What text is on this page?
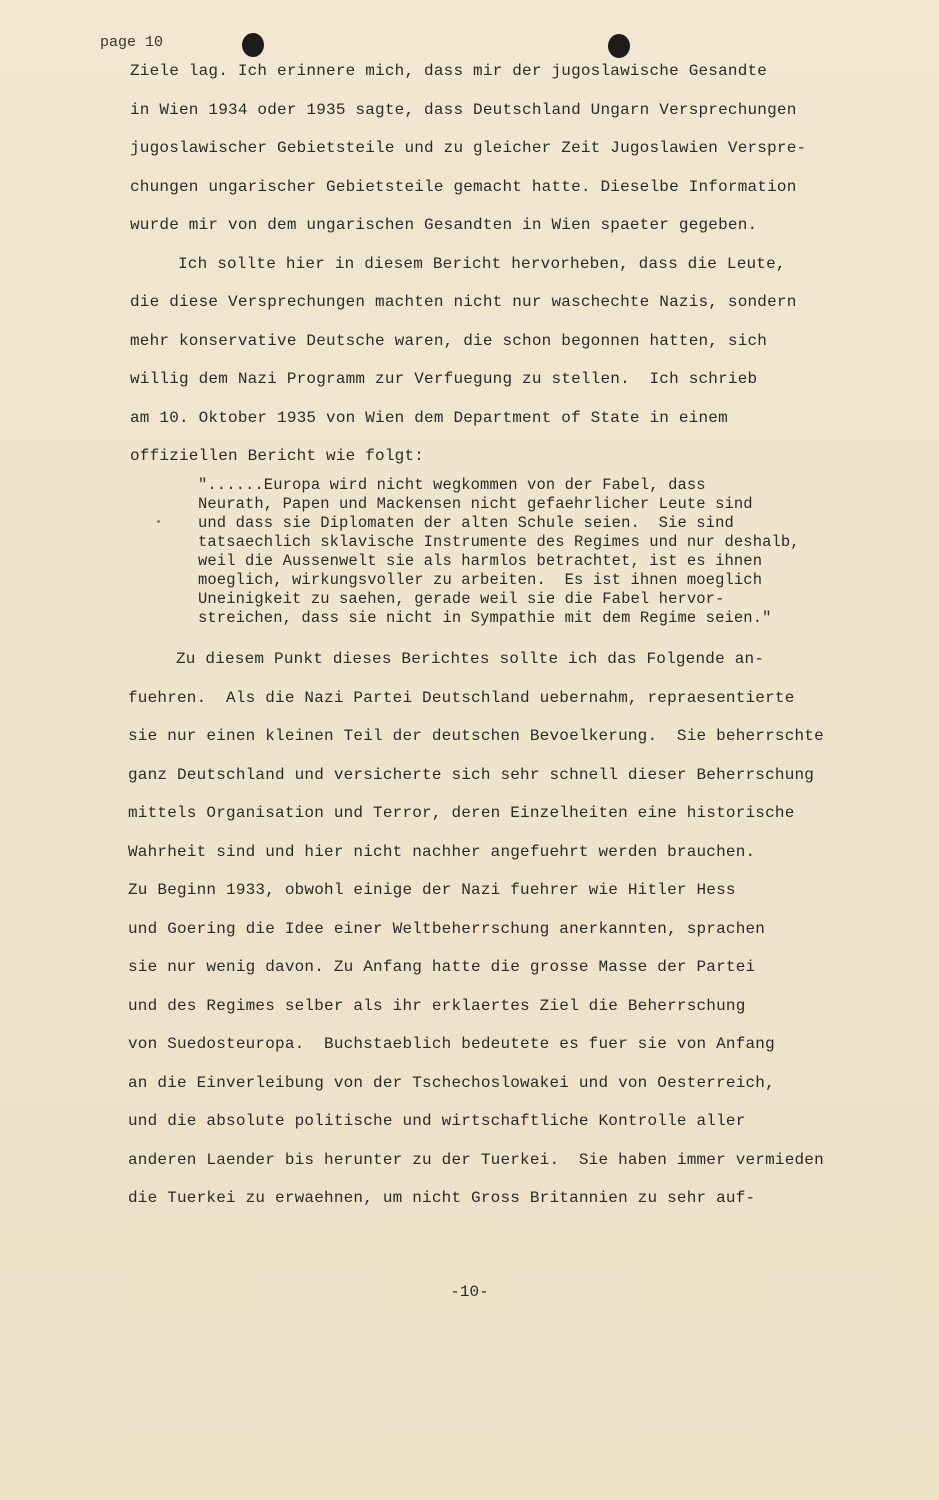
page 10
Ziele lag. Ich erinnere mich, dass mir der jugoslawische Gesandte
in Wien 1934 oder 1935 sagte, dass Deutschland Ungarn Versprechungen
jugoslawischer Gebietsteile und zu gleicher Zeit Jugoslawien Verspre-
chungen ungarischer Gebietsteile gemacht hatte. Dieselbe Information
wurde mir von dem ungarischen Gesandten in Wien spaeter gegeben.
Ich sollte hier in diesem Bericht hervorheben, dass die Leute,
die diese Versprechungen machten nicht nur waschechte Nazis, sondern
mehr konservative Deutsche waren, die schon begonnen hatten, sich
willig dem Nazi Programm zur Verfuegung zu stellen.  Ich schrieb
am 10. Oktober 1935 von Wien dem Department of State in einem
offiziellen Bericht wie folgt:
"......Europa wird nicht wegkommen von der Fabel, dass
Neurath, Papen und Mackensen nicht gefaehrlicher Leute sind
und dass sie Diplomaten der alten Schule seien.  Sie sind
tatsaechlich sklavische Instrumente des Regimes und nur deshalb,
weil die Aussenwelt sie als harmlos betrachtet, ist es ihnen
moeglich, wirkungsvoller zu arbeiten.  Es ist ihnen moeglich
Uneinigkeit zu saehen, gerade weil sie die Fabel hervor-
streichen, dass sie nicht in Sympathie mit dem Regime seien."
Zu diesem Punkt dieses Berichtes sollte ich das Folgende an-
fuehren.  Als die Nazi Partei Deutschland uebernahm, repraesentierte
sie nur einen kleinen Teil der deutschen Bevoelkerung.  Sie beherrschte
ganz Deutschland und versicherte sich sehr schnell dieser Beherrschung
mittels Organisation und Terror, deren Einzelheiten eine historische
Wahrheit sind und hier nicht nachher angefuehrt werden brauchen.
Zu Beginn 1933, obwohl einige der Nazi fuehrer wie Hitler Hess
und Goering die Idee einer Weltbeherrschung anerkannten, sprachen
sie nur wenig davon. Zu Anfang hatte die grosse Masse der Partei
und des Regimes selber als ihr erklaertes Ziel die Beherrschung
von Suedosteuropa.  Buchstaeblich bedeutete es fuer sie von Anfang
an die Einverleibung von der Tschechoslowakei und von Oesterreich,
und die absolute politische und wirtschaftliche Kontrolle aller
anderen Laender bis herunter zu der Tuerkei.  Sie haben immer vermieden
die Tuerkei zu erwaehnen, um nicht Gross Britannien zu sehr auf-
-10-
